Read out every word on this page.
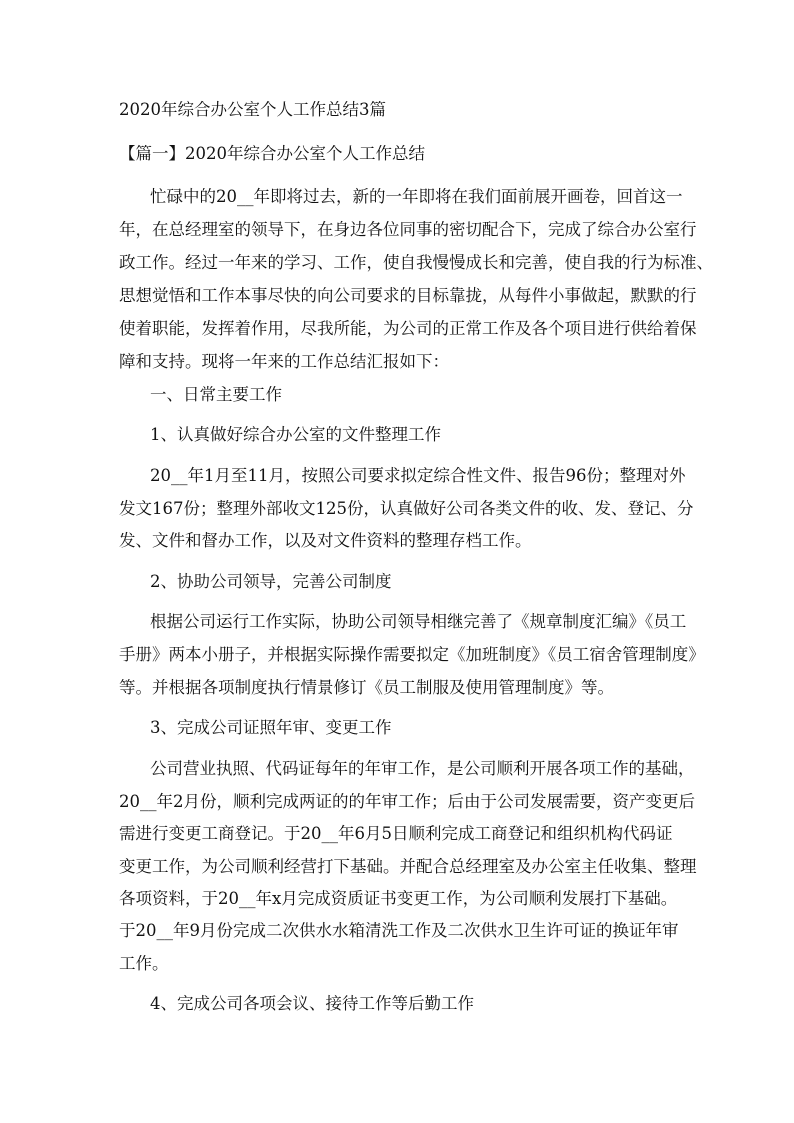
2020年综合办公室个人工作总结3篇
【篇一】2020年综合办公室个人工作总结
忙碌中的20__年即将过去，新的一年即将在我们面前展开画卷，回首这一
年，在总经理室的领导下，在身边各位同事的密切配合下，完成了综合办公室行
政工作。经过一年来的学习、工作，使自我慢慢成长和完善，使自我的行为标准、
思想觉悟和工作本事尽快的向公司要求的目标靠拢，从每件小事做起，默默的行
使着职能，发挥着作用，尽我所能，为公司的正常工作及各个项目进行供给着保
障和支持。现将一年来的工作总结汇报如下：
一、日常主要工作
1、认真做好综合办公室的文件整理工作
20__年1月至11月，按照公司要求拟定综合性文件、报告96份；整理对外
发文167份；整理外部收文125份，认真做好公司各类文件的收、发、登记、分
发、文件和督办工作，以及对文件资料的整理存档工作。
2、协助公司领导，完善公司制度
根据公司运行工作实际，协助公司领导相继完善了《规章制度汇编》《员工
手册》两本小册子，并根据实际操作需要拟定《加班制度》《员工宿舍管理制度》
等。并根据各项制度执行情景修订《员工制服及使用管理制度》等。
3、完成公司证照年审、变更工作
公司营业执照、代码证每年的年审工作，是公司顺利开展各项工作的基础，
20__年2月份，顺利完成两证的的年审工作；后由于公司发展需要，资产变更后
需进行变更工商登记。于20__年6月5日顺利完成工商登记和组织机构代码证
变更工作，为公司顺利经营打下基础。并配合总经理室及办公室主任收集、整理
各项资料，于20__年x月完成资质证书变更工作，为公司顺利发展打下基础。
于20__年9月份完成二次供水水箱清洗工作及二次供水卫生许可证的换证年审
工作。
4、完成公司各项会议、接待工作等后勤工作
